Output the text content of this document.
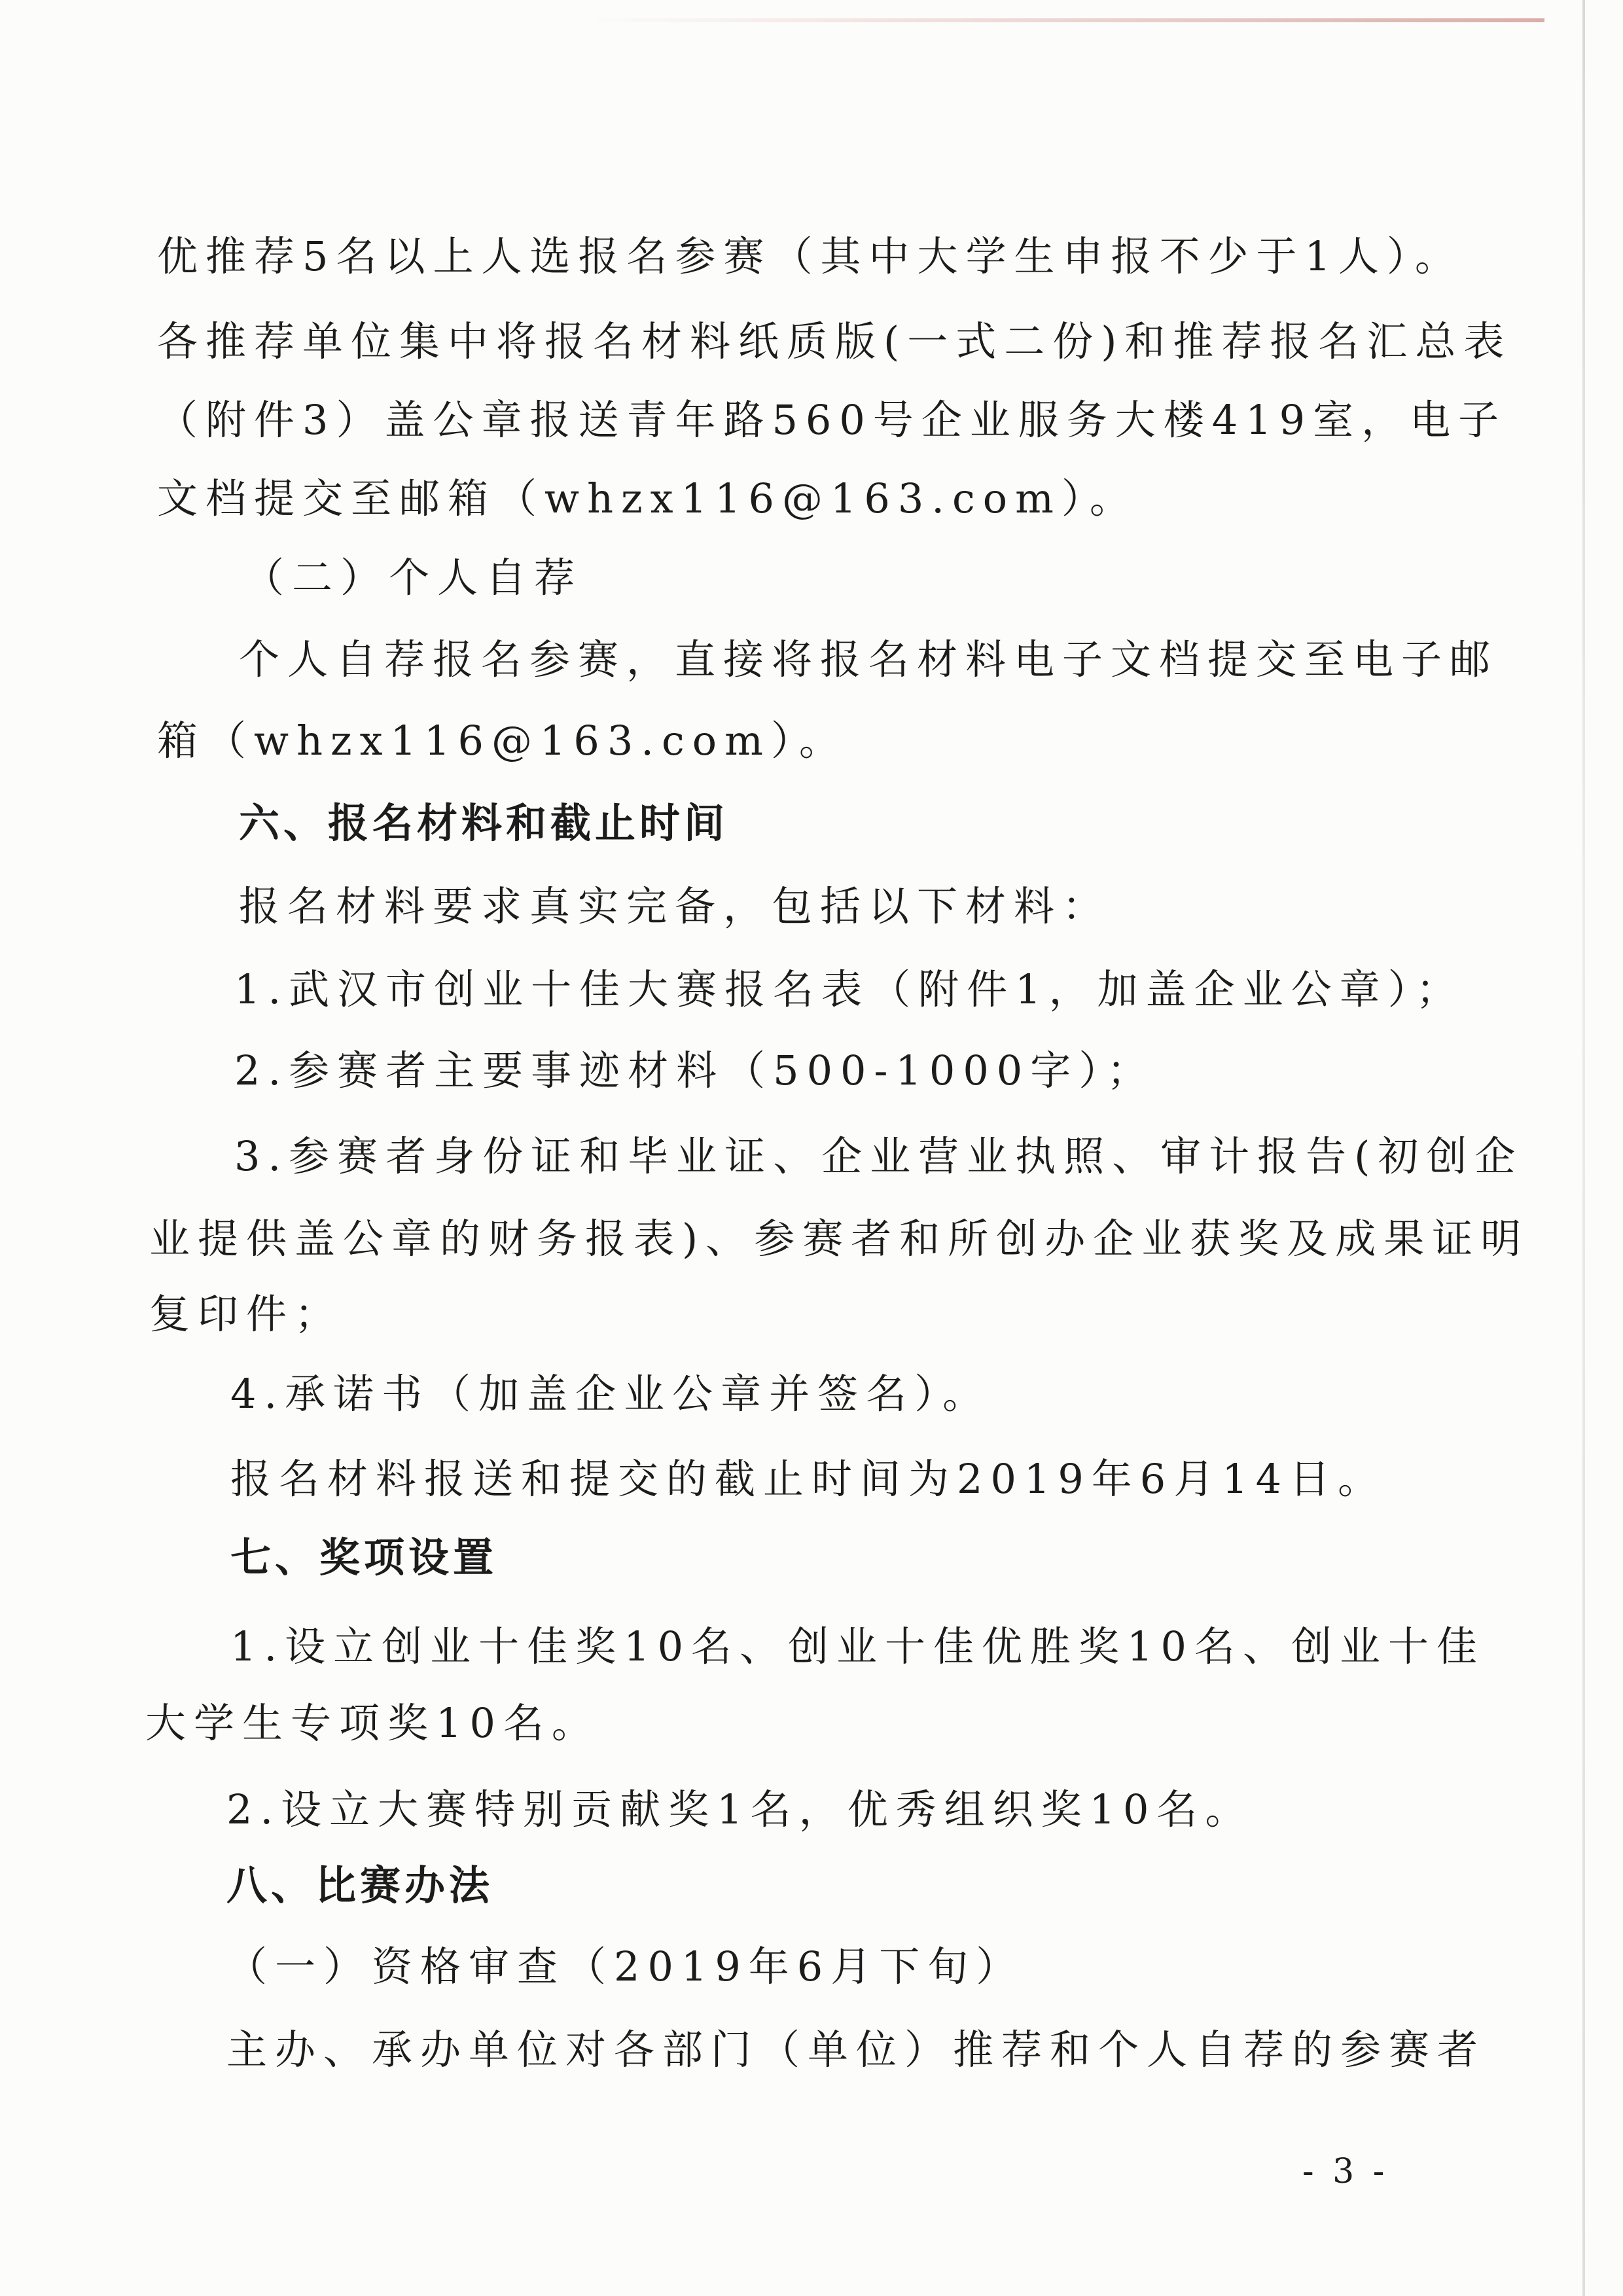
优推荐5名以上人选报名参赛（其中大学生申报不少于1人）。

各推荐单位集中将报名材料纸质版(一式二份)和推荐报名汇总表

（附件3）盖公章报送青年路560号企业服务大楼419室，电子

文档提交至邮箱（whzx116@163.com）。

（二）个人自荐

个人自荐报名参赛，直接将报名材料电子文档提交至电子邮

箱（whzx116@163.com）。

六、报名材料和截止时间

报名材料要求真实完备，包括以下材料：

1.武汉市创业十佳大赛报名表（附件1，加盖企业公章）；

2.参赛者主要事迹材料（500-1000字）；

3.参赛者身份证和毕业证、企业营业执照、审计报告(初创企

业提供盖公章的财务报表)、参赛者和所创办企业获奖及成果证明

复印件；

4.承诺书（加盖企业公章并签名）。

报名材料报送和提交的截止时间为2019年6月14日。

七、奖项设置

1.设立创业十佳奖10名、创业十佳优胜奖10名、创业十佳

大学生专项奖10名。

2.设立大赛特别贡献奖1名，优秀组织奖10名。

八、比赛办法

（一）资格审查（2019年6月下旬）

主办、承办单位对各部门（单位）推荐和个人自荐的参赛者

- 3 -
